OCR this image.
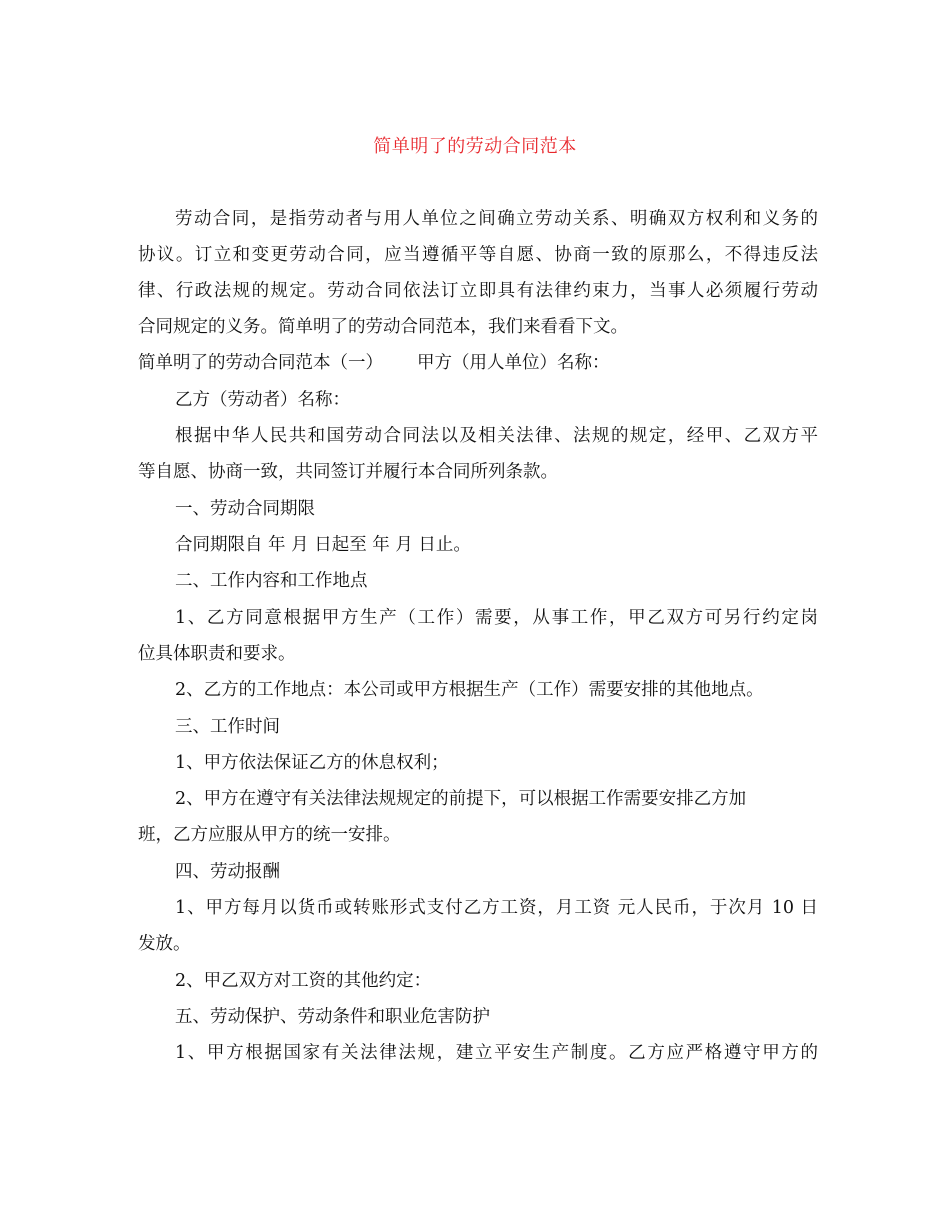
简单明了的劳动合同范本
劳动合同，是指劳动者与用人单位之间确立劳动关系、明确双方权利和义务的
协议。订立和变更劳动合同，应当遵循平等自愿、协商一致的原那么，不得违反法
律、行政法规的规定。劳动合同依法订立即具有法律约束力，当事人必须履行劳动
合同规定的义务。简单明了的劳动合同范本，我们来看看下文。
简单明了的劳动合同范本（一） 甲方（用人单位）名称：
乙方（劳动者）名称：
根据中华人民共和国劳动合同法以及相关法律、法规的规定，经甲、乙双方平
等自愿、协商一致，共同签订并履行本合同所列条款。
一、劳动合同期限
合同期限自 年 月 日起至 年 月 日止。
二、工作内容和工作地点
1、乙方同意根据甲方生产（工作）需要，从事工作，甲乙双方可另行约定岗
位具体职责和要求。
2、乙方的工作地点：本公司或甲方根据生产（工作）需要安排的其他地点。
三、工作时间
1、甲方依法保证乙方的休息权利；
2、甲方在遵守有关法律法规规定的前提下，可以根据工作需要安排乙方加
班，乙方应服从甲方的统一安排。
四、劳动报酬
1、甲方每月以货币或转账形式支付乙方工资，月工资 元人民币，于次月 10 日
发放。
2、甲乙双方对工资的其他约定：
五、劳动保护、劳动条件和职业危害防护
1、甲方根据国家有关法律法规，建立平安生产制度。乙方应严格遵守甲方的
